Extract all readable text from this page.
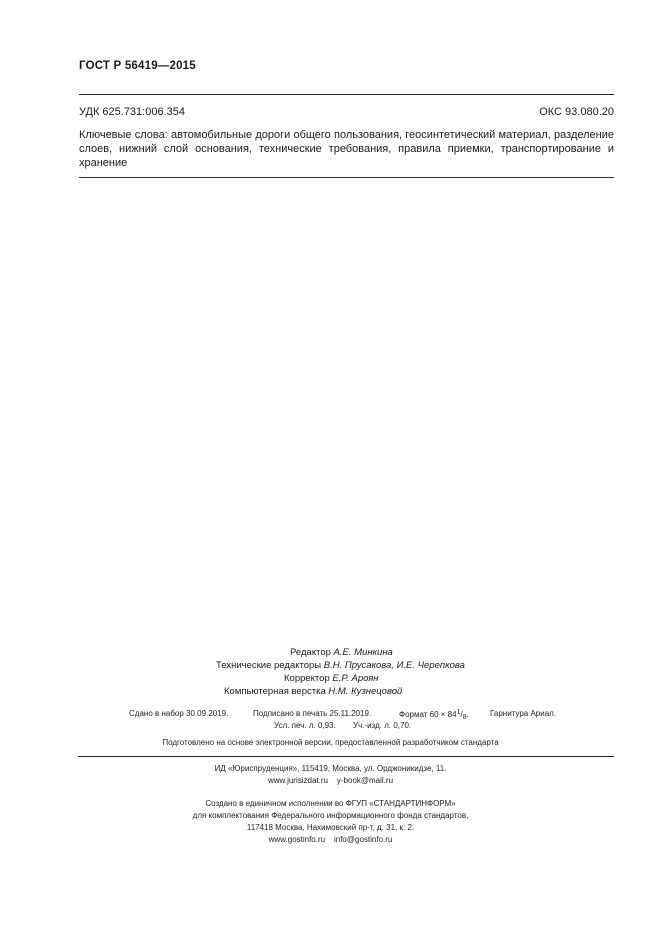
ГОСТ Р 56419—2015
УДК 625.731:006.354	ОКС 93.080.20
Ключевые слова: автомобильные дороги общего пользования, геосинтетический материал, разделение слоев, нижний слой основания, технические требования, правила приемки, транспортирование и хранение
Редактор А.Е. Минкина
Технические редакторы В.Н. Прусакова, И.Е. Черепкова
Корректор Е.Р. Ароян
Компьютерная верстка Н.М. Кузнецовой
Сдано в набор 30.09.2019.	Подписано в печать 25.11.2019.	Формат 60 × 841/8.	Гарнитура Ариал.
Усл. печ. л. 0,93. Уч.-изд. л. 0,70.
Подготовлено на основе электронной версии, предоставленной разработчиком стандарта
ИД «Юриспруденция», 115419, Москва, ул. Орджоникидзе, 11.
www.jurisizdat.ru    y-book@mail.ru
Создано в единичном исполнении во ФГУП «СТАНДАРТИНФОРМ»
для комплектования Федерального информационного фонда стандартов,
117418 Москва, Нахимовский пр-т, д. 31, к. 2.
www.gostinfo.ru    info@gostinfo.ru
